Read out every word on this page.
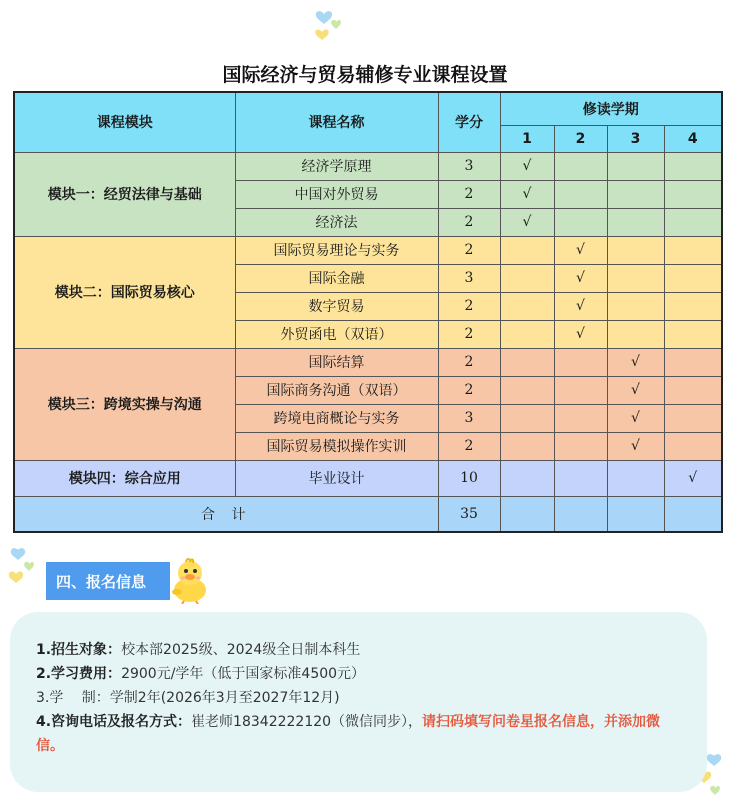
国际经济与贸易辅修专业课程设置
课程模块	课程名称	学分	修读学期			
			1	2	3	4
模块一：经贸法律与基础	经济学原理	3	√			
	中国对外贸易	2	√			
	经济法	2	√			
模块二：国际贸易核心	国际贸易理论与实务	2		√		
	国际金融	3		√		
	数字贸易	2		√		
	外贸函电（双语）	2		√		
模块三：跨境实操与沟通	国际结算	2			√	
	国际商务沟通（双语）	2			√	
	跨境电商概论与实务	3			√	
	国际贸易模拟操作实训	2			√	
模块四：综合应用	毕业设计	10				√
合 计		35				
四、报名信息
1.招生对象：校本部2025级、2024级全日制本科生
2.学习费用：2900元/学年（低于国家标准4500元）
3.学　 制：学制2年(2026年3月至2027年12月)
4.咨询电话及报名方式：崔老师18342222120（微信同步），请扫码填写问卷星报名信息，并添加微信。
